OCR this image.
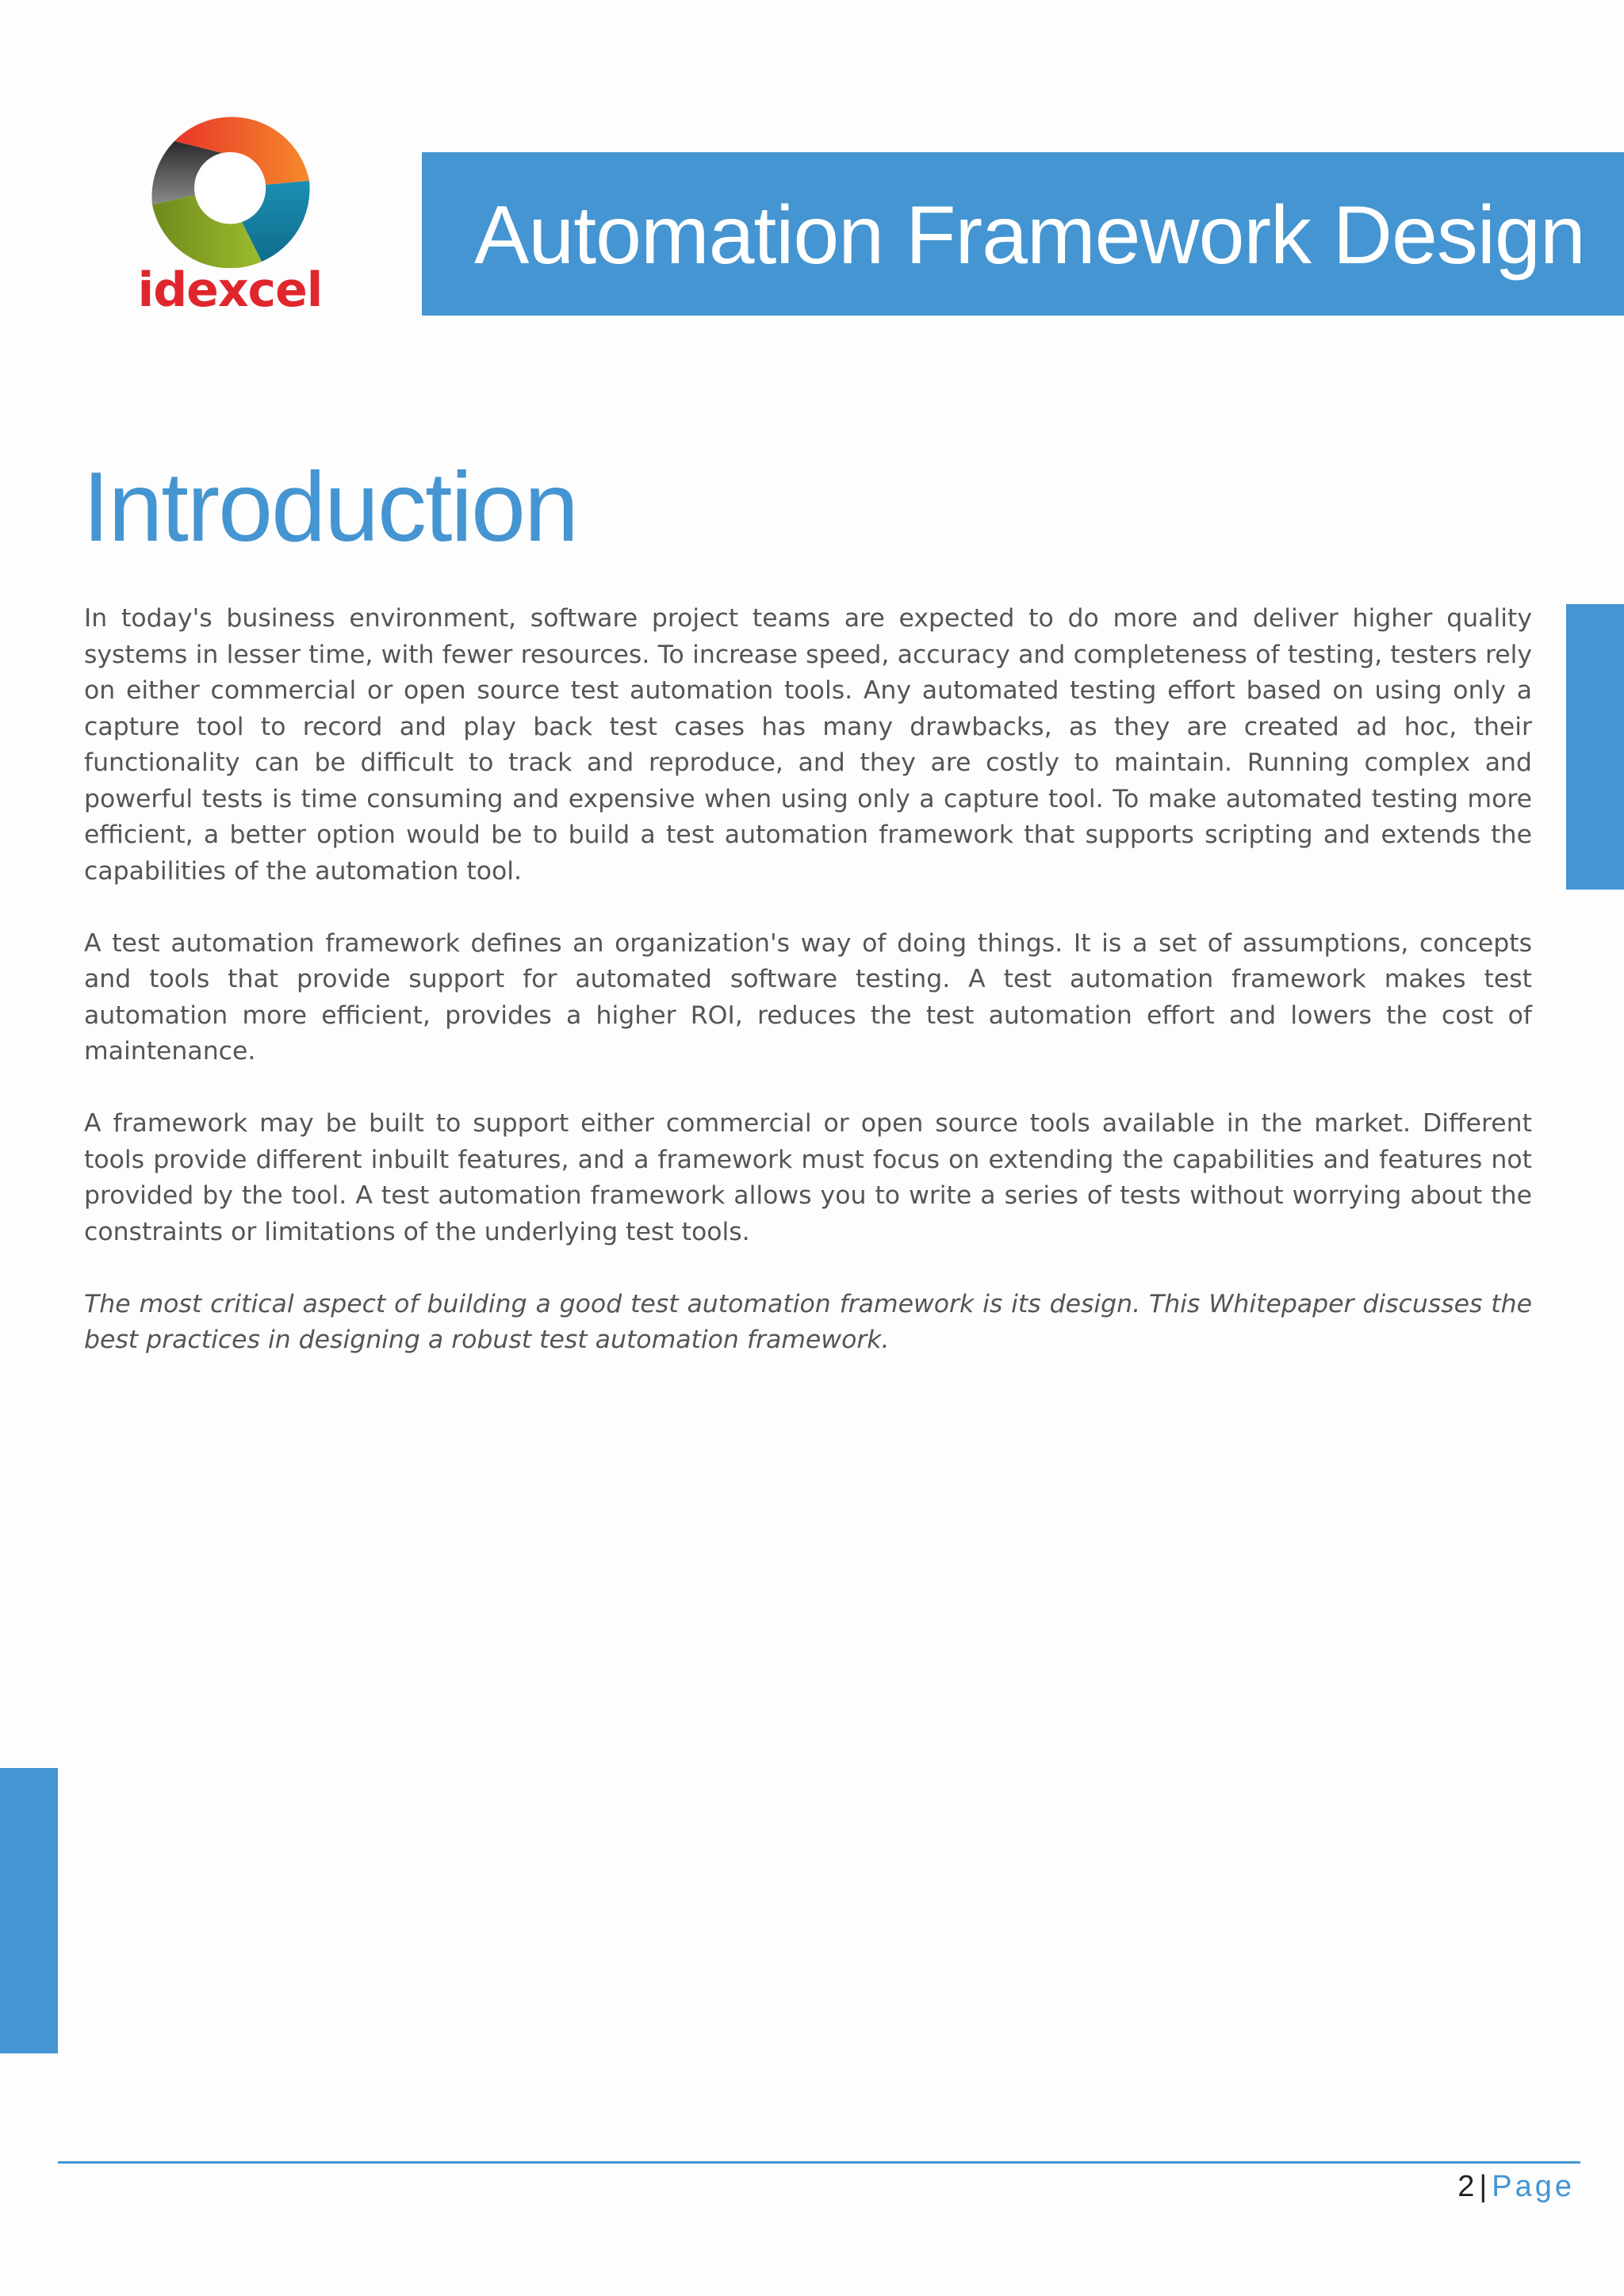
idexcel
Automation Framework Design
Introduction

In today's business environment, software project teams are expected to do more and deliver higher quality systems in lesser time, with fewer resources. To increase speed, accuracy and completeness of testing, testers rely on either commercial or open source test automation tools. Any automated testing effort based on using only a capture tool to record and play back test cases has many drawbacks, as they are created ad hoc, their functionality can be difficult to track and reproduce, and they are costly to maintain. Running complex and powerful tests is time consuming and expensive when using only a capture tool. To make automated testing more efficient, a better option would be to build a test automation framework that supports scripting and extends the capabilities of the automation tool.

A test automation framework defines an organization's way of doing things. It is a set of assumptions, concepts and tools that provide support for automated software testing. A test automation framework makes test automation more efficient, provides a higher ROI, reduces the test automation effort and lowers the cost of maintenance.

A framework may be built to support either commercial or open source tools available in the market. Different tools provide different inbuilt features, and a framework must focus on extending the capabilities and features not provided by the tool. A test automation framework allows you to write a series of tests without worrying about the constraints or limitations of the underlying test tools.

The most critical aspect of building a good test automation framework is its design. This Whitepaper discusses the best practices in designing a robust test automation framework.

2 | Page
